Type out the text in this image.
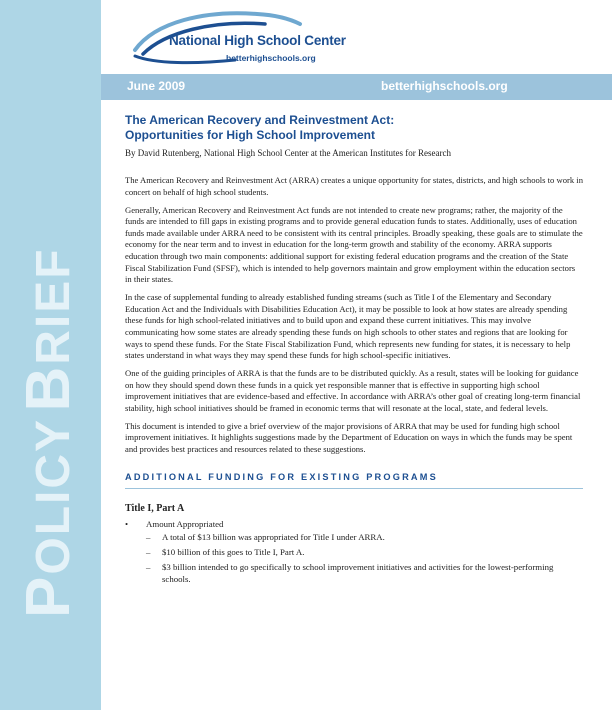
POLICY BRIEF
National High School Center
betterhighschools.org
June 2009	betterhighschools.org
The American Recovery and Reinvestment Act:
Opportunities for High School Improvement

By David Rutenberg, National High School Center at the American Institutes for Research

The American Recovery and Reinvestment Act (ARRA) creates a unique opportunity for states, districts, and high schools to work in concert on behalf of high school students.

Generally, American Recovery and Reinvestment Act funds are not intended to create new programs; rather, the majority of the funds are intended to fill gaps in existing programs and to provide general education funds to states. Additionally, uses of education funds made available under ARRA need to be consistent with its central principles. Broadly speaking, these goals are to stimulate the economy for the near term and to invest in education for the long-term growth and stability of the economy. ARRA supports education through two main components: additional support for existing federal education programs and the creation of the State Fiscal Stabilization Fund (SFSF), which is intended to help governors maintain and grow employment within the education sectors in their states.

In the case of supplemental funding to already established funding streams (such as Title I of the Elementary and Secondary Education Act and the Individuals with Disabilities Education Act), it may be possible to look at how states are already spending these funds for high school-related initiatives and to build upon and expand these current initiatives. This may involve communicating how some states are already spending these funds on high schools to other states and regions that are looking for ways to spend these funds. For the State Fiscal Stabilization Fund, which represents new funding for states, it is necessary to help states understand in what ways they may spend these funds for high school-specific initiatives.

One of the guiding principles of ARRA is that the funds are to be distributed quickly. As a result, states will be looking for guidance on how they should spend down these funds in a quick yet responsible manner that is effective in supporting high school improvement initiatives that are evidence-based and effective. In accordance with ARRA’s other goal of creating long-term financial stability, high school initiatives should be framed in economic terms that will resonate at the local, state, and federal levels.

This document is intended to give a brief overview of the major provisions of ARRA that may be used for funding high school improvement initiatives. It highlights suggestions made by the Department of Education on ways in which the funds may be spent and provides best practices and resources related to these suggestions.

ADDITIONAL FUNDING FOR EXISTING PROGRAMS
Title I, Part A
• Amount Appropriated
– A total of $13 billion was appropriated for Title I under ARRA.
– $10 billion of this goes to Title I, Part A.
– $3 billion intended to go specifically to school improvement initiatives and activities for the lowest-performing schools.
